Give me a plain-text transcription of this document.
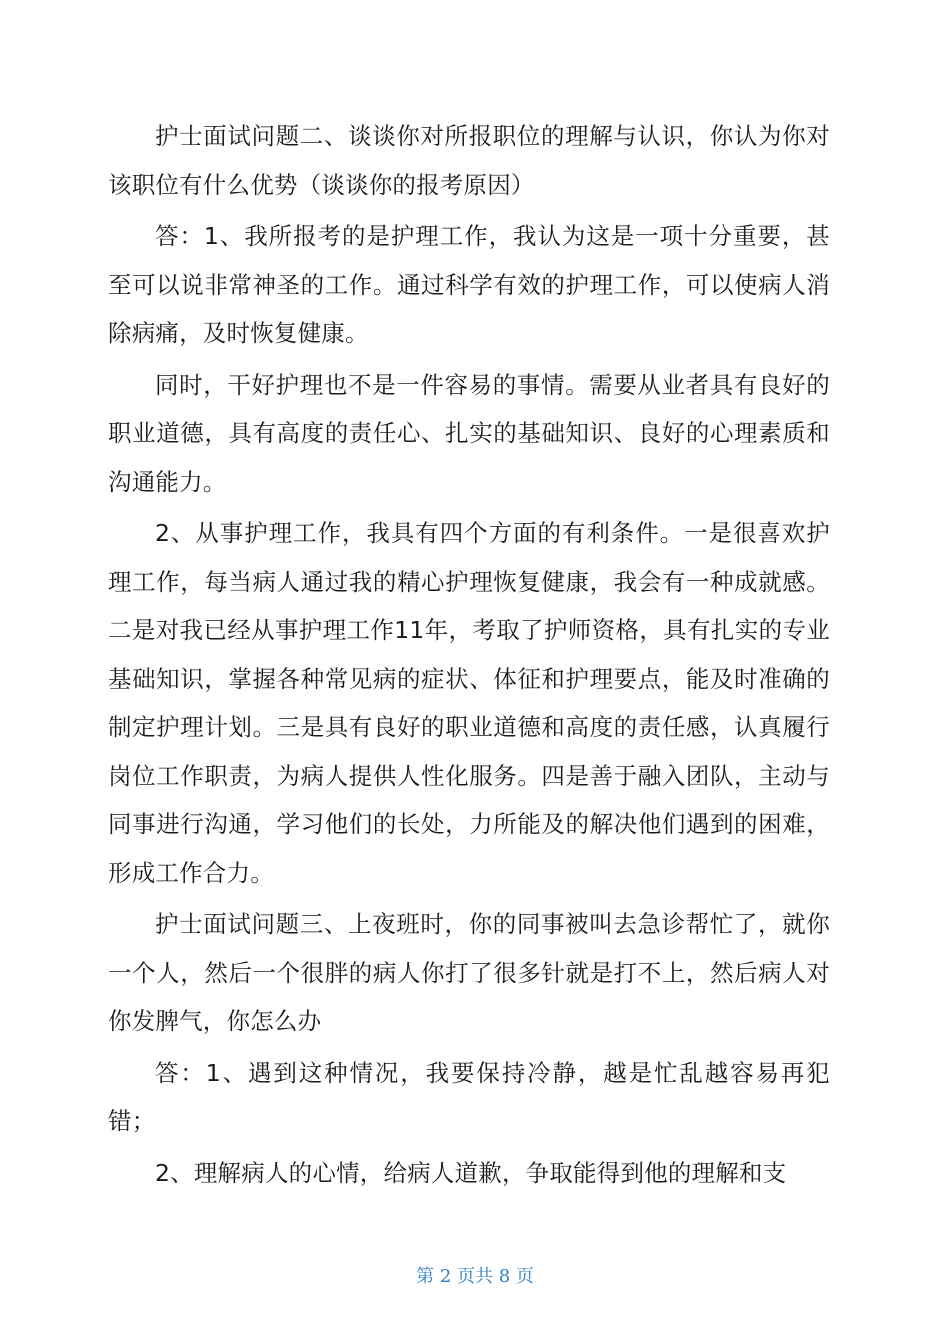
护士面试问题二、谈谈你对所报职位的理解与认识，你认为你对该职位有什么优势（谈谈你的报考原因）

答：1、我所报考的是护理工作，我认为这是一项十分重要，甚至可以说非常神圣的工作。通过科学有效的护理工作，可以使病人消除病痛，及时恢复健康。

同时，干好护理也不是一件容易的事情。需要从业者具有良好的职业道德，具有高度的责任心、扎实的基础知识、良好的心理素质和沟通能力。

2、从事护理工作，我具有四个方面的有利条件。一是很喜欢护理工作，每当病人通过我的精心护理恢复健康，我会有一种成就感。二是对我已经从事护理工作11年，考取了护师资格，具有扎实的专业基础知识，掌握各种常见病的症状、体征和护理要点，能及时准确的制定护理计划。三是具有良好的职业道德和高度的责任感，认真履行岗位工作职责，为病人提供人性化服务。四是善于融入团队，主动与同事进行沟通，学习他们的长处，力所能及的解决他们遇到的困难，形成工作合力。

护士面试问题三、上夜班时，你的同事被叫去急诊帮忙了，就你一个人，然后一个很胖的病人你打了很多针就是打不上，然后病人对你发脾气，你怎么办

答：1、遇到这种情况，我要保持冷静，越是忙乱越容易再犯错；

2、理解病人的心情，给病人道歉，争取能得到他的理解和支

第 2 页共 8 页
